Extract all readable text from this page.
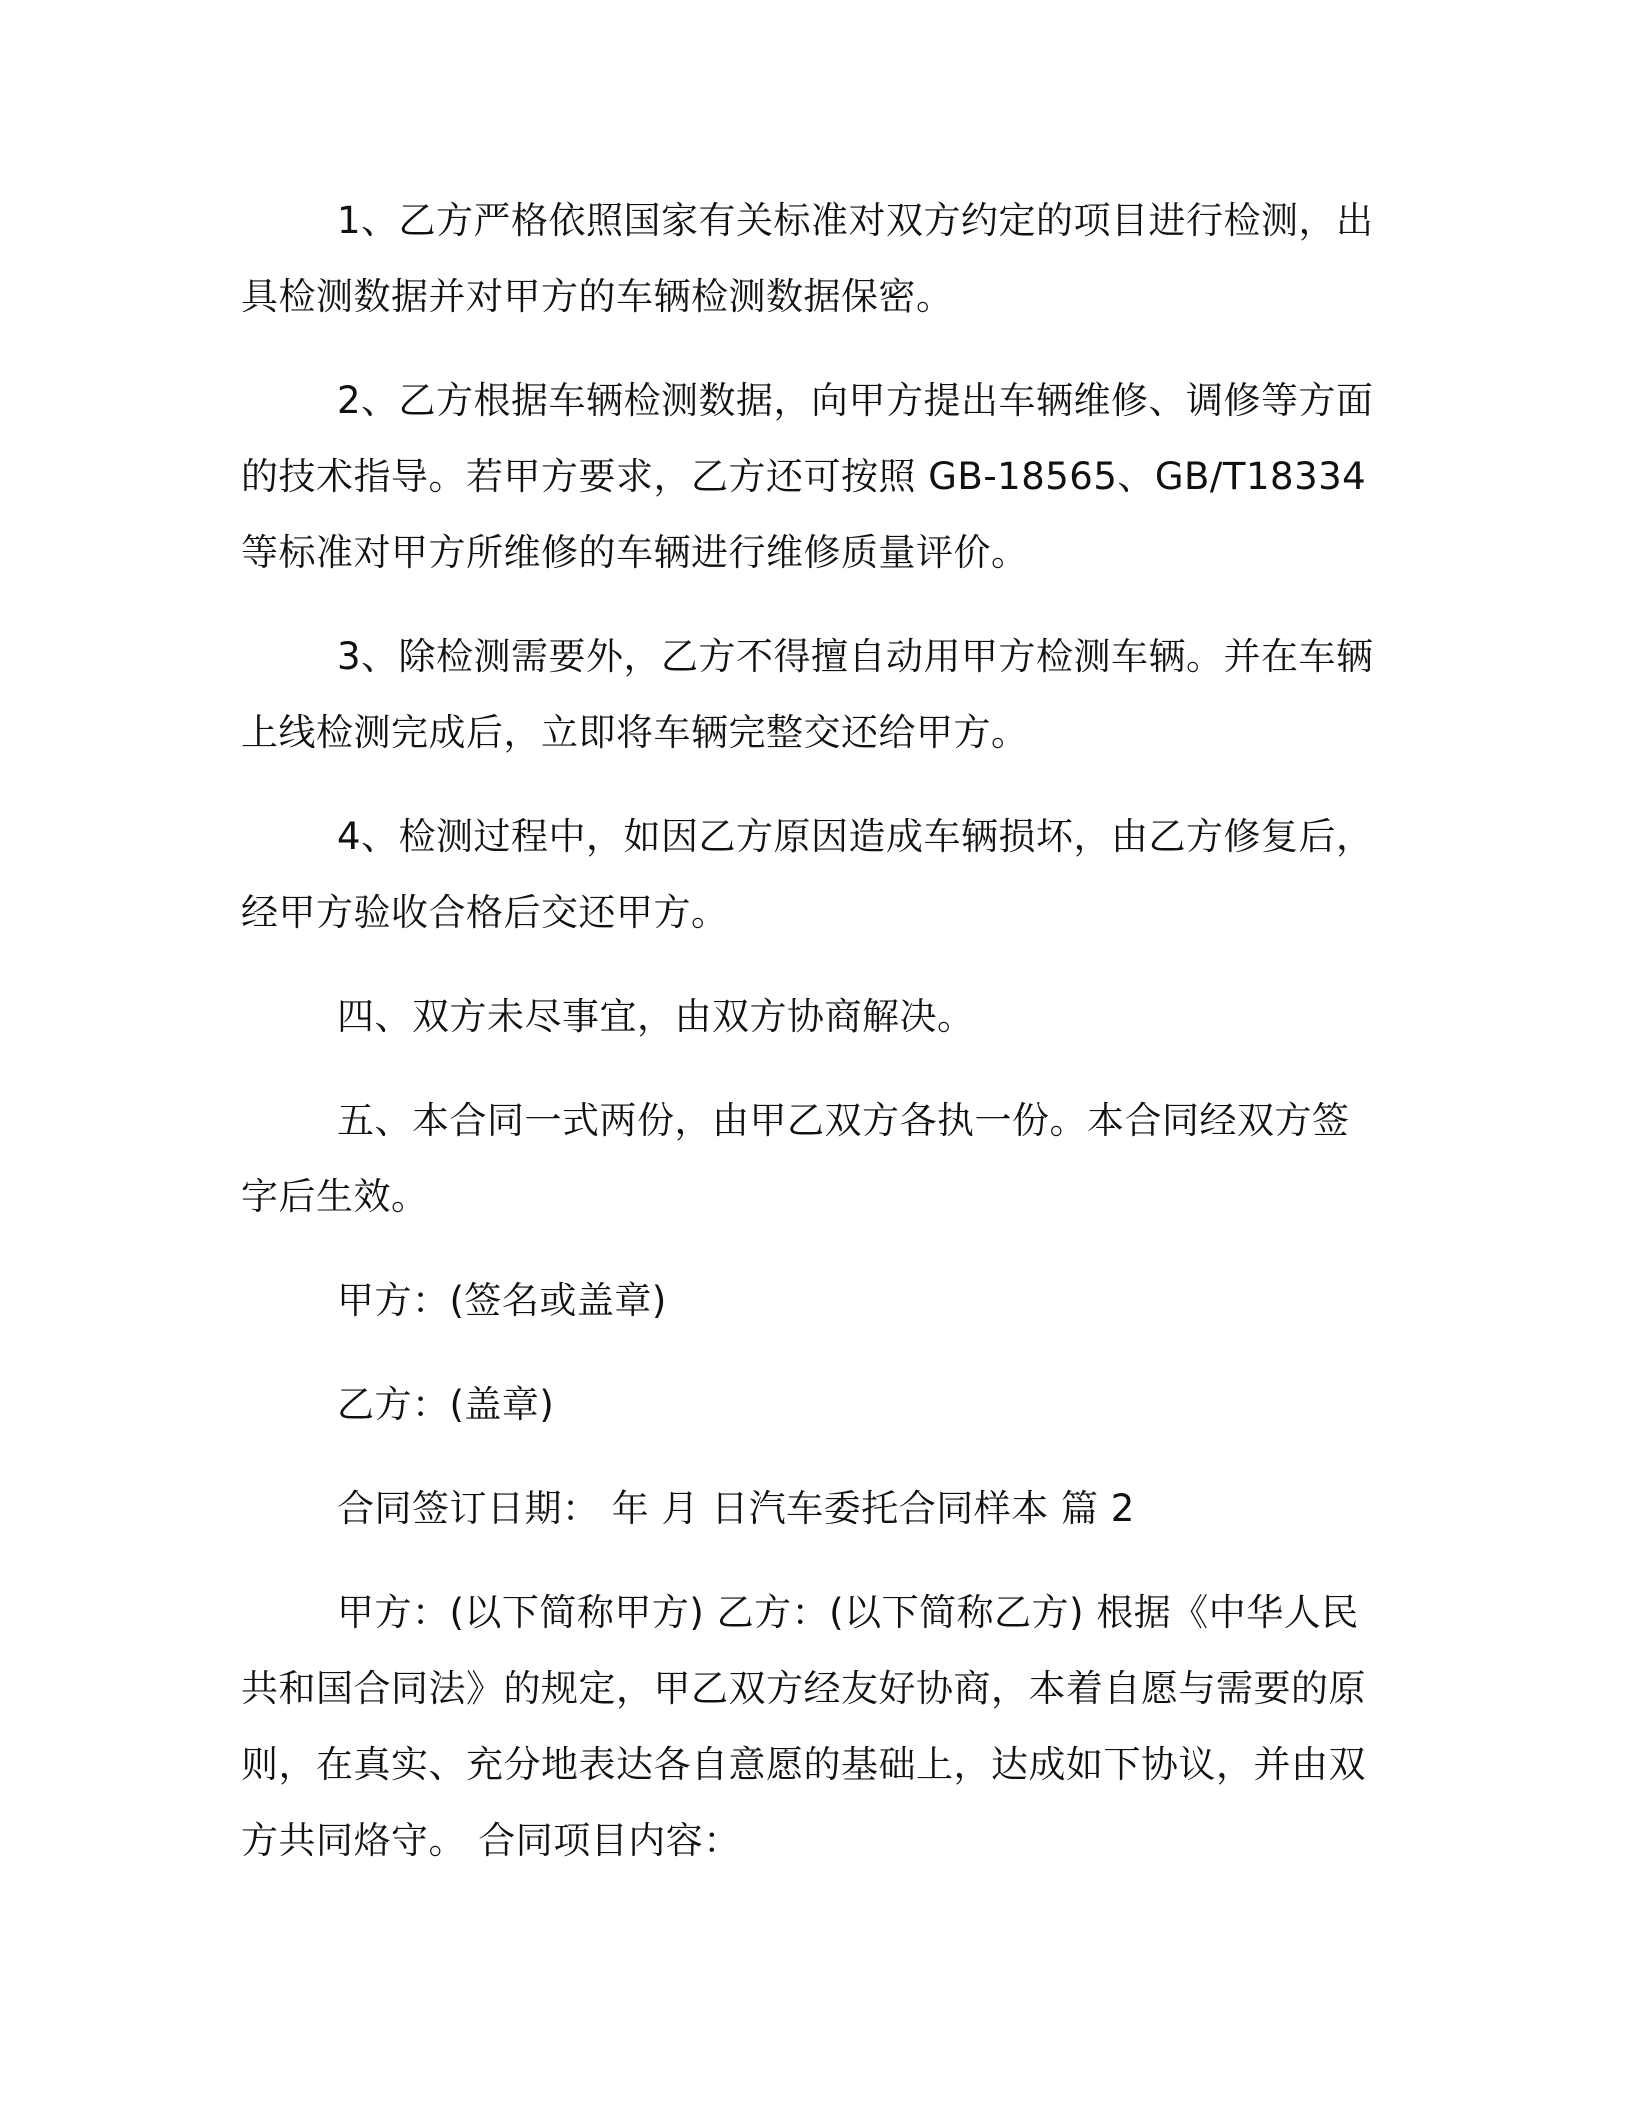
1、乙方严格依照国家有关标准对双方约定的项目进行检测，出具检测数据并对甲方的车辆检测数据保密。

2、乙方根据车辆检测数据，向甲方提出车辆维修、调修等方面的技术指导。若甲方要求，乙方还可按照 GB-18565、GB/T18334 等标准对甲方所维修的车辆进行维修质量评价。

3、除检测需要外，乙方不得擅自动用甲方检测车辆。并在车辆上线检测完成后，立即将车辆完整交还给甲方。

4、检测过程中，如因乙方原因造成车辆损坏，由乙方修复后，经甲方验收合格后交还甲方。

四、双方未尽事宜，由双方协商解决。

五、本合同一式两份，由甲乙双方各执一份。本合同经双方签字后生效。

甲方：(签名或盖章)

乙方：(盖章)

合同签订日期： 年 月 日汽车委托合同样本 篇 2

甲方：(以下简称甲方) 乙方：(以下简称乙方) 根据《中华人民共和国合同法》的规定，甲乙双方经友好协商，本着自愿与需要的原则，在真实、充分地表达各自意愿的基础上，达成如下协议，并由双方共同烙守。 合同项目内容：
